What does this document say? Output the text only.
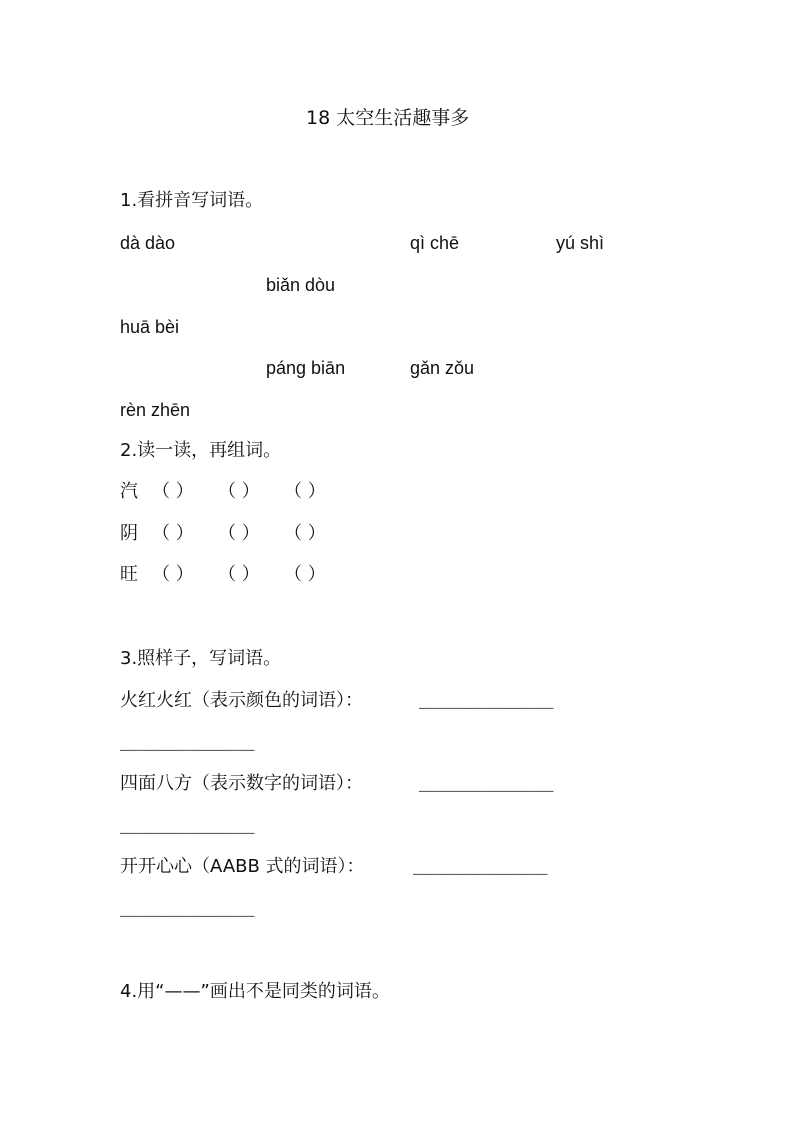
18 太空生活趣事多
1.看拼音写词语。
dà dào	qì chē	yú shì
biǎn dòu
huā bèi
páng biān	gǎn zǒu
rèn zhēn
2.读一读，再组词。
汽 （ ） （ ） （ ）
阴 （ ） （ ） （ ）
旺 （ ） （ ） （ ）
3.照样子，写词语。
火红火红（表示颜色的词语）：	______________
______________
四面八方（表示数字的词语）：	______________
______________
开开心心（AABB 式的词语）：	______________
______________
4.用“——”画出不是同类的词语。
